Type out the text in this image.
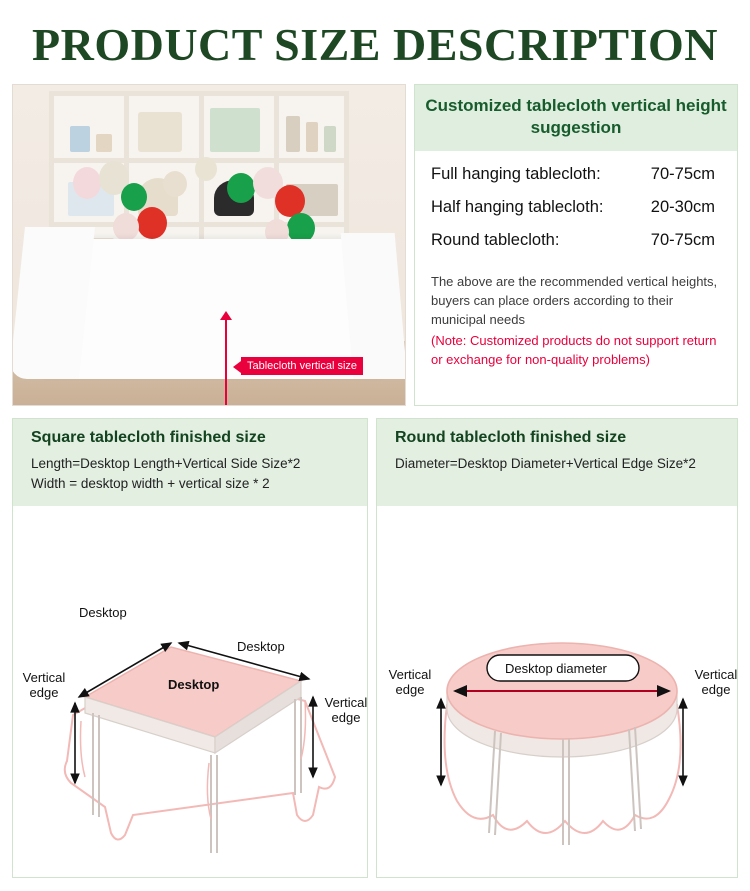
PRODUCT SIZE DESCRIPTION
Tablecloth vertical size
Customized tablecloth vertical height suggestion
Full hanging tablecloth:	70-75cm
Half hanging tablecloth:	20-30cm
Round tablecloth:	70-75cm
The above are the recommended vertical heights, buyers can place orders according to their municipal needs
(Note: Customized products do not support return or exchange for non-quality problems)
Square tablecloth finished size
Length=Desktop Length+Vertical Side Size*2
Width = desktop width + vertical size * 2
Desktop
Desktop
Desktop
Vertical edge
Vertical edge
Round tablecloth finished size
Diameter=Desktop Diameter+Vertical Edge Size*2
Desktop diameter
Vertical edge
Vertical edge
